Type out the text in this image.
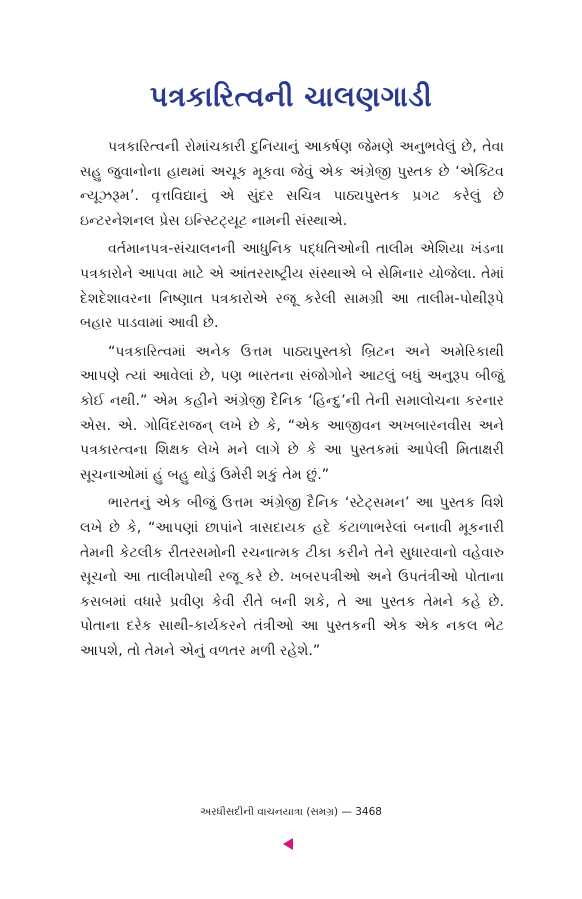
પત્રકારિત્વની ચાલણગાડી

પત્રકારિત્વની રોમાંચકારી દુનિયાનું આકર્ષણ જેમણે અનુભવેલું છે, તેવા સહુ જુવાનોના હાથમાં અચૂક મૂકવા જેવું એક અંગ્રેજી પુસ્તક છે ‘એક્ટિવ ન્યૂઝરૂમ’. વૃત્તવિદ્યાનું એ સુંદર સચિત્ર પાઠ્યપુસ્તક પ્રગટ કરેલું છે ઇન્ટરનેશનલ પ્રેસ ઇન્સ્ટિટ્યૂટ નામની સંસ્થાએ.

વર્તમાનપત્ર-સંચાલનની આધુનિક પદ્ધતિઓની તાલીમ એશિયા ખંડના પત્રકારોને આપવા માટે એ આંતરરાષ્ટ્રીય સંસ્થાએ બે સેમિનાર યોજેલા. તેમાં દેશદેશાવરના નિષ્ણાત પત્રકારોએ રજૂ કરેલી સામગ્રી આ તાલીમ-પોથીરૂપે બહાર પાડવામાં આવી છે.

“પત્રકારિત્વમાં અનેક ઉત્તમ પાઠ્યપુસ્તકો બ્રિટન અને અમેરિકાથી આપણે ત્યાં આવેલાં છે, પણ ભારતના સંજોગોને આટલું બધું અનુરૂપ બીજું કોઈ નથી.” એમ કહીને અંગ્રેજી દૈનિક ‘હિન્દુ’ની તેની સમાલોચના કરનાર એસ. એ. ગોવિંદરાજન્ લખે છે કે, “એક આજીવન અખબારનવીસ અને પત્રકારત્વના શિક્ષક લેખે મને લાગે છે કે આ પુસ્તકમાં આપેલી મિતાક્ષરી સૂચનાઓમાં હું બહુ થોડું ઉમેરી શકું તેમ છું.”

ભારતનું એક બીજું ઉત્તમ અંગ્રેજી દૈનિક ‘સ્ટેટ્સમન’ આ પુસ્તક વિશે લખે છે કે, “આપણાં છાપાંને ત્રાસદાયક હદે કંટાળાભરેલાં બનાવી મૂકનારી તેમની કેટલીક રીતરસમોની રચનાત્મક ટીકા કરીને તેને સુધારવાનો વહેવારુ સૂચનો આ તાલીમપોથી રજૂ કરે છે. ખબરપત્રીઓ અને ઉપતંત્રીઓ પોતાના કસબમાં વધારે પ્રવીણ કેવી રીતે બની શકે, તે આ પુસ્તક તેમને કહે છે. પોતાના દરેક સાથી-કાર્યકરને તંત્રીઓ આ પુસ્તકની એક એક નકલ ભેટ આપશે, તો તેમને એનું વળતર મળી રહેશે.”

અરધીસદીની વાચનયાત્રા (સમગ્ર) — 3468
